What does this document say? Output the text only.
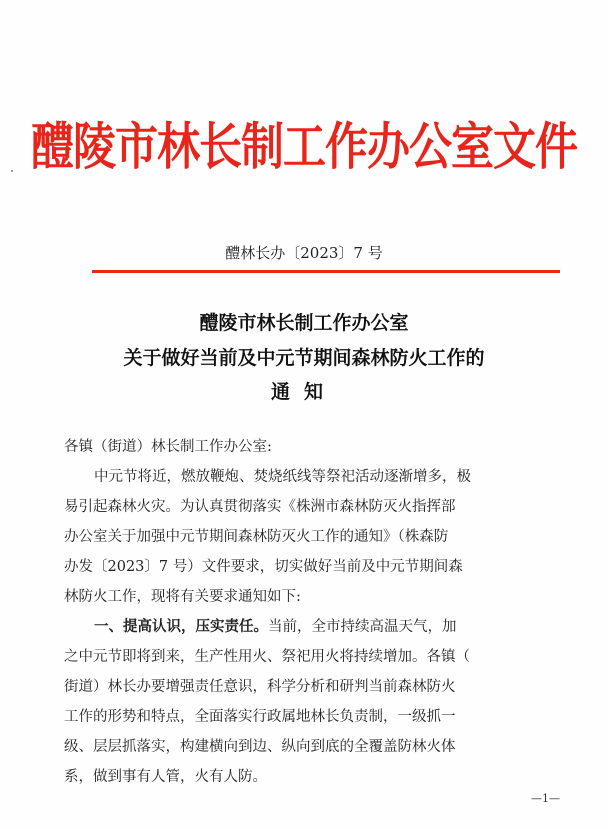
醴陵市林长制工作办公室文件
醴林长办〔2023〕7 号
醴陵市林长制工作办公室
关于做好当前及中元节期间森林防火工作的
通知
各镇（街道）林长制工作办公室:
中元节将近，燃放鞭炮、焚烧纸线等祭祀活动逐渐增多，极
易引起森林火灾。为认真贯彻落实《株洲市森林防灭火指挥部
办公室关于加强中元节期间森林防灭火工作的通知》（株森防
办发〔2023〕7 号）文件要求，切实做好当前及中元节期间森
林防火工作，现将有关要求通知如下:
一、提高认识，压实责任。当前，全市持续高温天气，加
之中元节即将到来，生产性用火、祭祀用火将持续增加。各镇（
街道）林长办要增强责任意识，科学分析和研判当前森林防火
工作的形势和特点，全面落实行政属地林长负责制，一级抓一
级、层层抓落实，构建横向到边、纵向到底的全覆盖防林火体
系，做到事有人管，火有人防。
—1—
